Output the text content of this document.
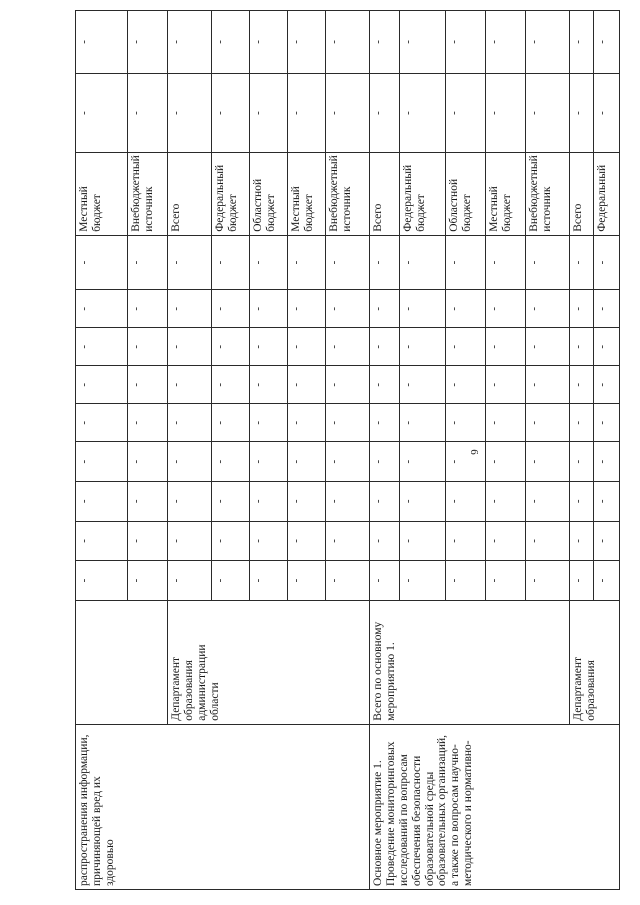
6
распространения информации, причиняющей вред их здоровью		-	-	-	-	-	-	-	-	-	Местный бюджет	-	-
		-	-	-	-	-	-	-	-	-	Внебюджетный источник	-	-
	Департамент образования администрации области	-	-	-	-	-	-	-	-	-	Всего	-	-
		-	-	-	-	-	-	-	-	-	Федеральный бюджет	-	-
		-	-	-	-	-	-	-	-	-	Областной бюджет	-	-
		-	-	-	-	-	-	-	-	-	Местный бюджет	-	-
		-	-	-	-	-	-	-	-	-	Внебюджетный источник	-	-
Основное мероприятие 1. Проведение мониторинговых исследований по вопросам обеспечения безопасности образовательной среды образовательных организаций, а также по вопросам научно-методического и нормативно-	Всего по основному мероприятию 1.	-	-	-	-	-	-	-	-	-	Всего	-	-
		-	-	-	-	-	-	-	-	-	Федеральный бюджет	-	-
		-	-	-	-	-	-	-	-	-	Областной бюджет	-	-
		-	-	-	-	-	-	-	-	-	Местный бюджет	-	-
		-	-	-	-	-	-	-	-	-	Внебюджетный источник	-	-
	Департамент образования	-	-	-	-	-	-	-	-	-	Всего	-	-
		-	-	-	-	-	-	-	-	-	Федеральный	-	-
